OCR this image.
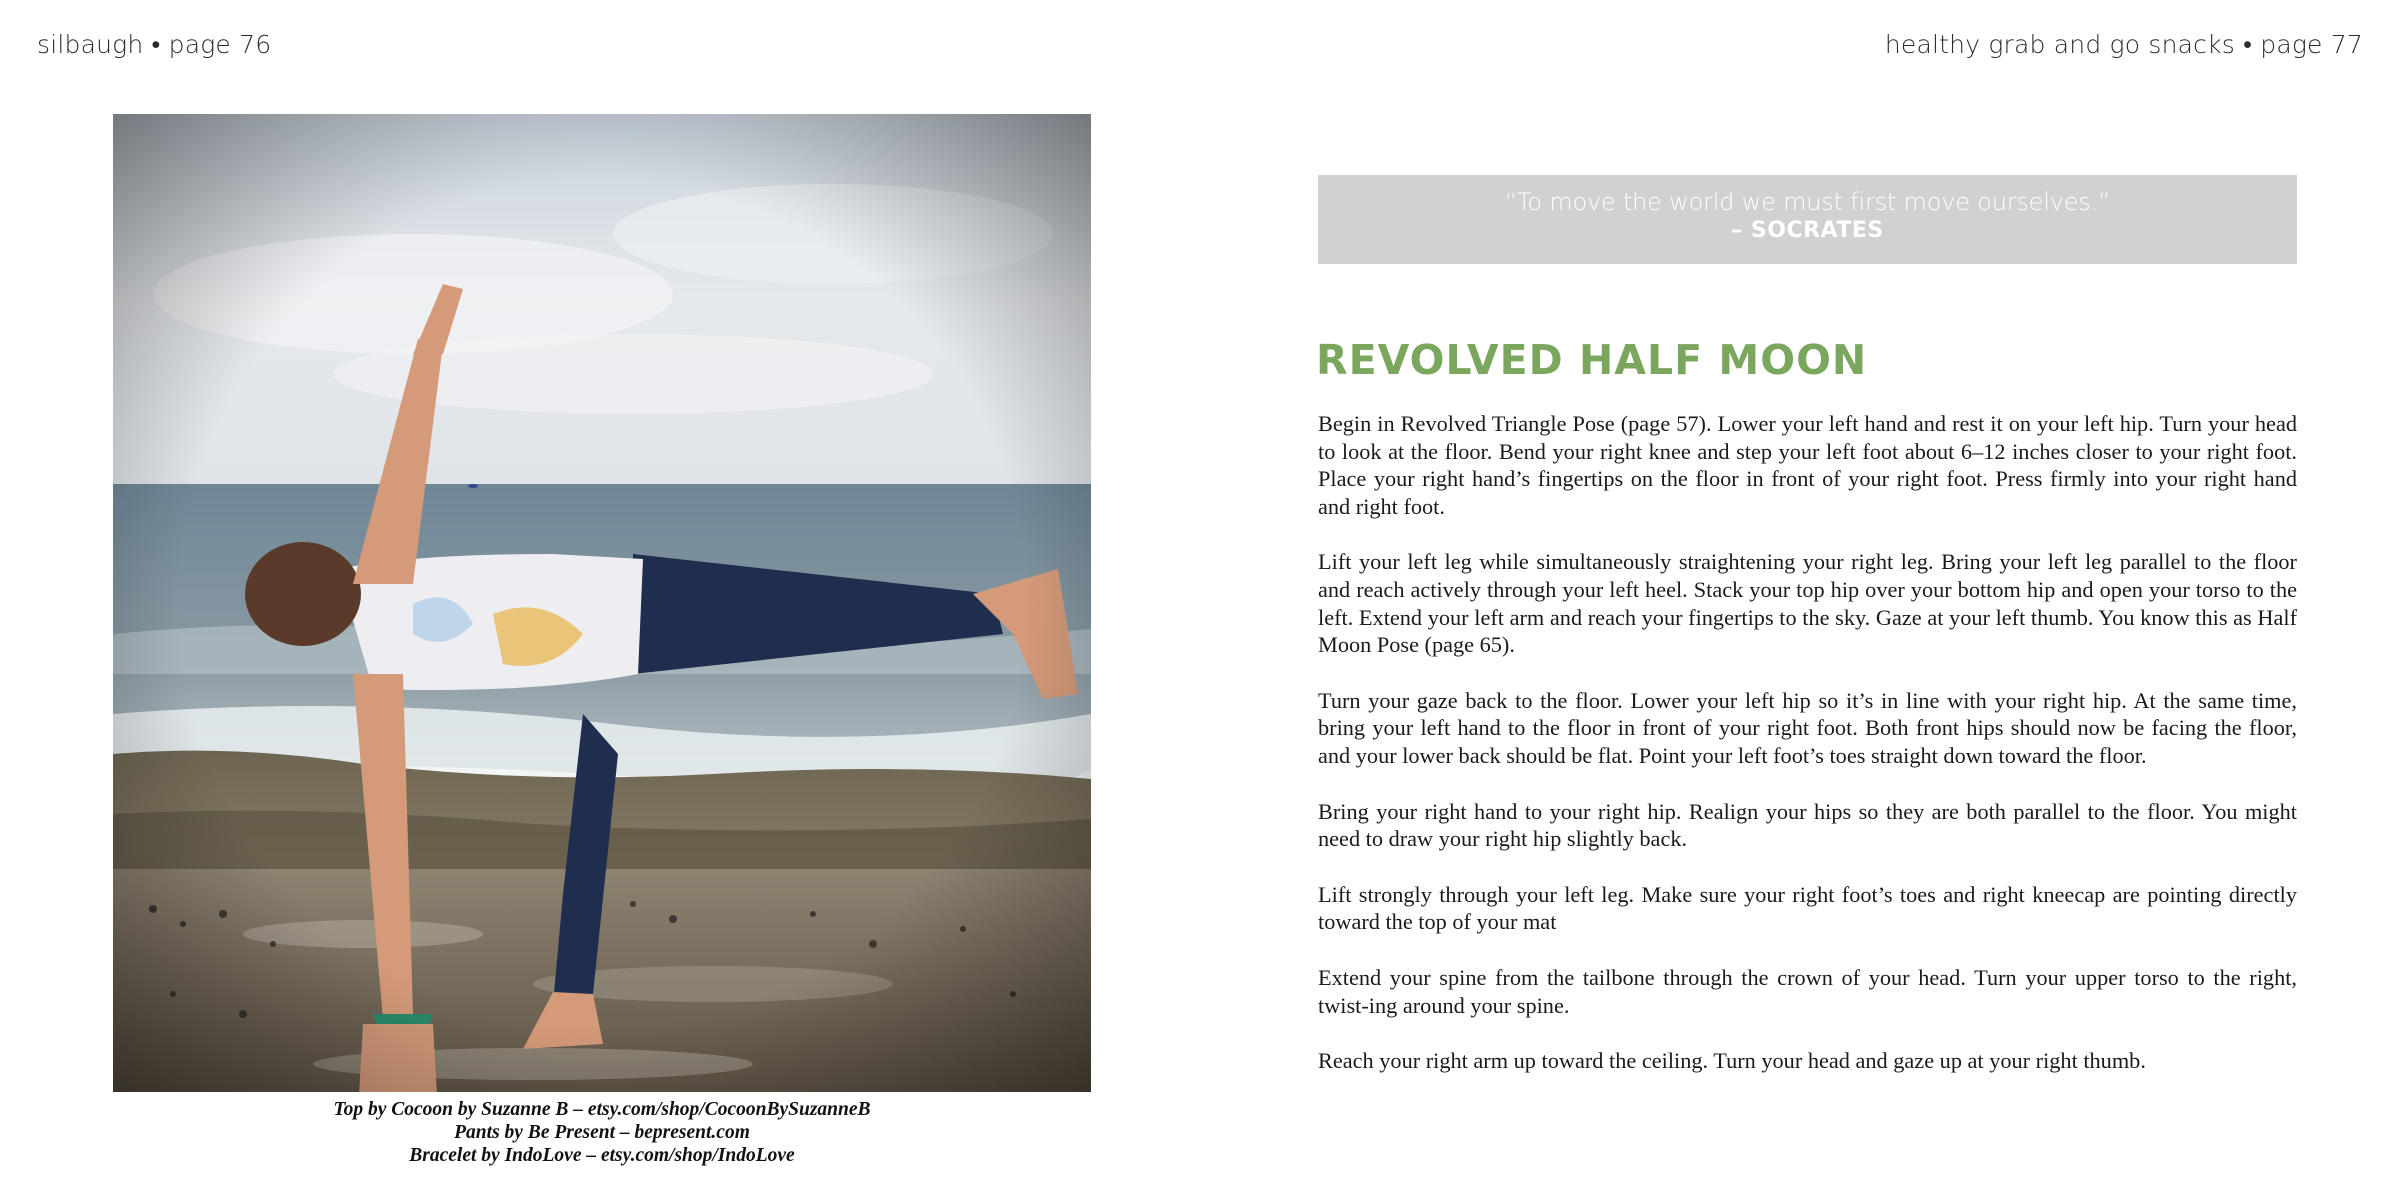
silbaugh • page 76	healthy grab and go snacks • page 77
Top by Cocoon by Suzanne B – etsy.com/shop/CocoonBySuzanneB
Pants by Be Present – bepresent.com
Bracelet by IndoLove – etsy.com/shop/IndoLove
“To move the world we must first move ourselves.”
– SOCRATES
REVOLVED HALF MOON

Begin in Revolved Triangle Pose (page 57). Lower your left hand and rest it on your left hip. Turn your head to look at the floor. Bend your right knee and step your left foot about 6–12 inches closer to your right foot. Place your right hand’s fingertips on the floor in front of your right foot. Press firmly into your right hand and right foot.

Lift your left leg while simultaneously straightening your right leg. Bring your left leg parallel to the floor and reach actively through your left heel. Stack your top hip over your bottom hip and open your torso to the left. Extend your left arm and reach your fingertips to the sky. Gaze at your left thumb. You know this as Half Moon Pose (page 65).

Turn your gaze back to the floor. Lower your left hip so it’s in line with your right hip. At the same time, bring your left hand to the floor in front of your right foot. Both front hips should now be facing the floor, and your lower back should be flat. Point your left foot’s toes straight down toward the floor.

Bring your right hand to your right hip. Realign your hips so they are both parallel to the floor. You might need to draw your right hip slightly back.

Lift strongly through your left leg. Make sure your right foot’s toes and right kneecap are pointing directly toward the top of your mat

Extend your spine from the tailbone through the crown of your head. Turn your upper torso to the right, twist-ing around your spine.

Reach your right arm up toward the ceiling. Turn your head and gaze up at your right thumb.
